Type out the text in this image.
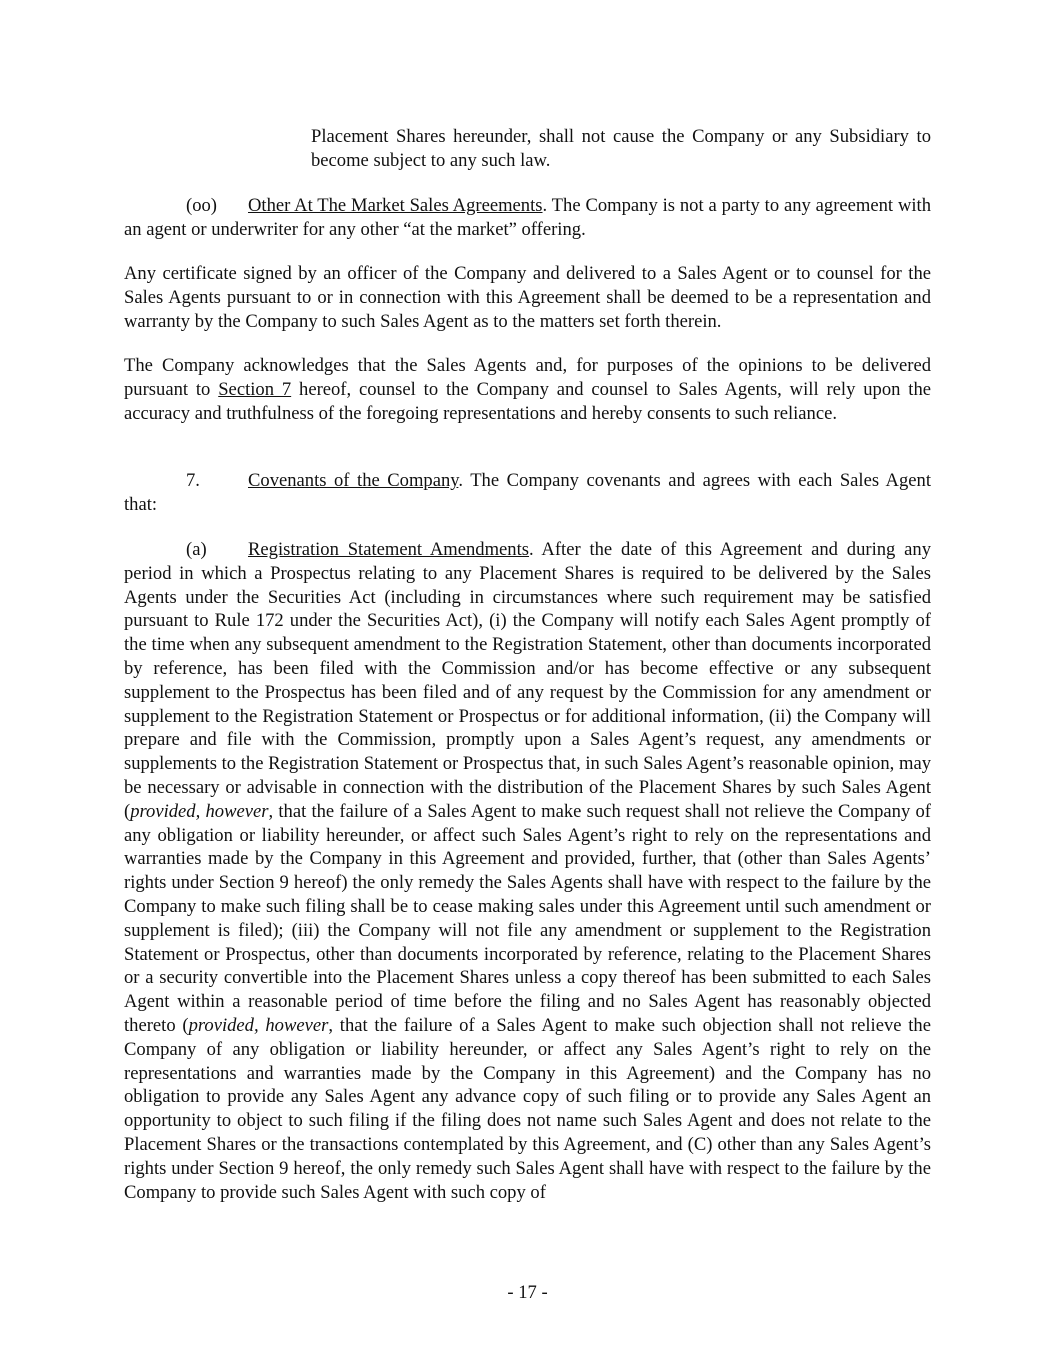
Placement Shares hereunder, shall not cause the Company or any Subsidiary to become subject to any such law.

(oo) Other At The Market Sales Agreements. The Company is not a party to any agreement with an agent or underwriter for any other “at the market” offering.

Any certificate signed by an officer of the Company and delivered to a Sales Agent or to counsel for the Sales Agents pursuant to or in connection with this Agreement shall be deemed to be a representation and warranty by the Company to such Sales Agent as to the matters set forth therein.

The Company acknowledges that the Sales Agents and, for purposes of the opinions to be delivered pursuant to Section 7 hereof, counsel to the Company and counsel to Sales Agents, will rely upon the accuracy and truthfulness of the foregoing representations and hereby consents to such reliance.

7.	Covenants of the Company. The Company covenants and agrees with each Sales Agent that:

(a) Registration Statement Amendments. After the date of this Agreement and during any period in which a Prospectus relating to any Placement Shares is required to be delivered by the Sales Agents under the Securities Act (including in circumstances where such requirement may be satisfied pursuant to Rule 172 under the Securities Act), (i) the Company will notify each Sales Agent promptly of the time when any subsequent amendment to the Registration Statement, other than documents incorporated by reference, has been filed with the Commission and/or has become effective or any subsequent supplement to the Prospectus has been filed and of any request by the Commission for any amendment or supplement to the Registration Statement or Prospectus or for additional information, (ii) the Company will prepare and file with the Commission, promptly upon a Sales Agent’s request, any amendments or supplements to the Registration Statement or Prospectus that, in such Sales Agent’s reasonable opinion, may be necessary or advisable in connection with the distribution of the Placement Shares by such Sales Agent (provided, however, that the failure of a Sales Agent to make such request shall not relieve the Company of any obligation or liability hereunder, or affect such Sales Agent’s right to rely on the representations and warranties made by the Company in this Agreement and provided, further, that (other than Sales Agents’ rights under Section 9 hereof) the only remedy the Sales Agents shall have with respect to the failure by the Company to make such filing shall be to cease making sales under this Agreement until such amendment or supplement is filed); (iii) the Company will not file any amendment or supplement to the Registration Statement or Prospectus, other than documents incorporated by reference, relating to the Placement Shares or a security convertible into the Placement Shares unless a copy thereof has been submitted to each Sales Agent within a reasonable period of time before the filing and no Sales Agent has reasonably objected thereto (provided, however, that the failure of a Sales Agent to make such objection shall not relieve the Company of any obligation or liability hereunder, or affect any Sales Agent’s right to rely on the representations and warranties made by the Company in this Agreement) and the Company has no obligation to provide any Sales Agent any advance copy of such filing or to provide any Sales Agent an opportunity to object to such filing if the filing does not name such Sales Agent and does not relate to the Placement Shares or the transactions contemplated by this Agreement, and (C) other than any Sales Agent’s rights under Section 9 hereof, the only remedy such Sales Agent shall have with respect to the failure by the Company to provide such Sales Agent with such copy of

- 17 -
